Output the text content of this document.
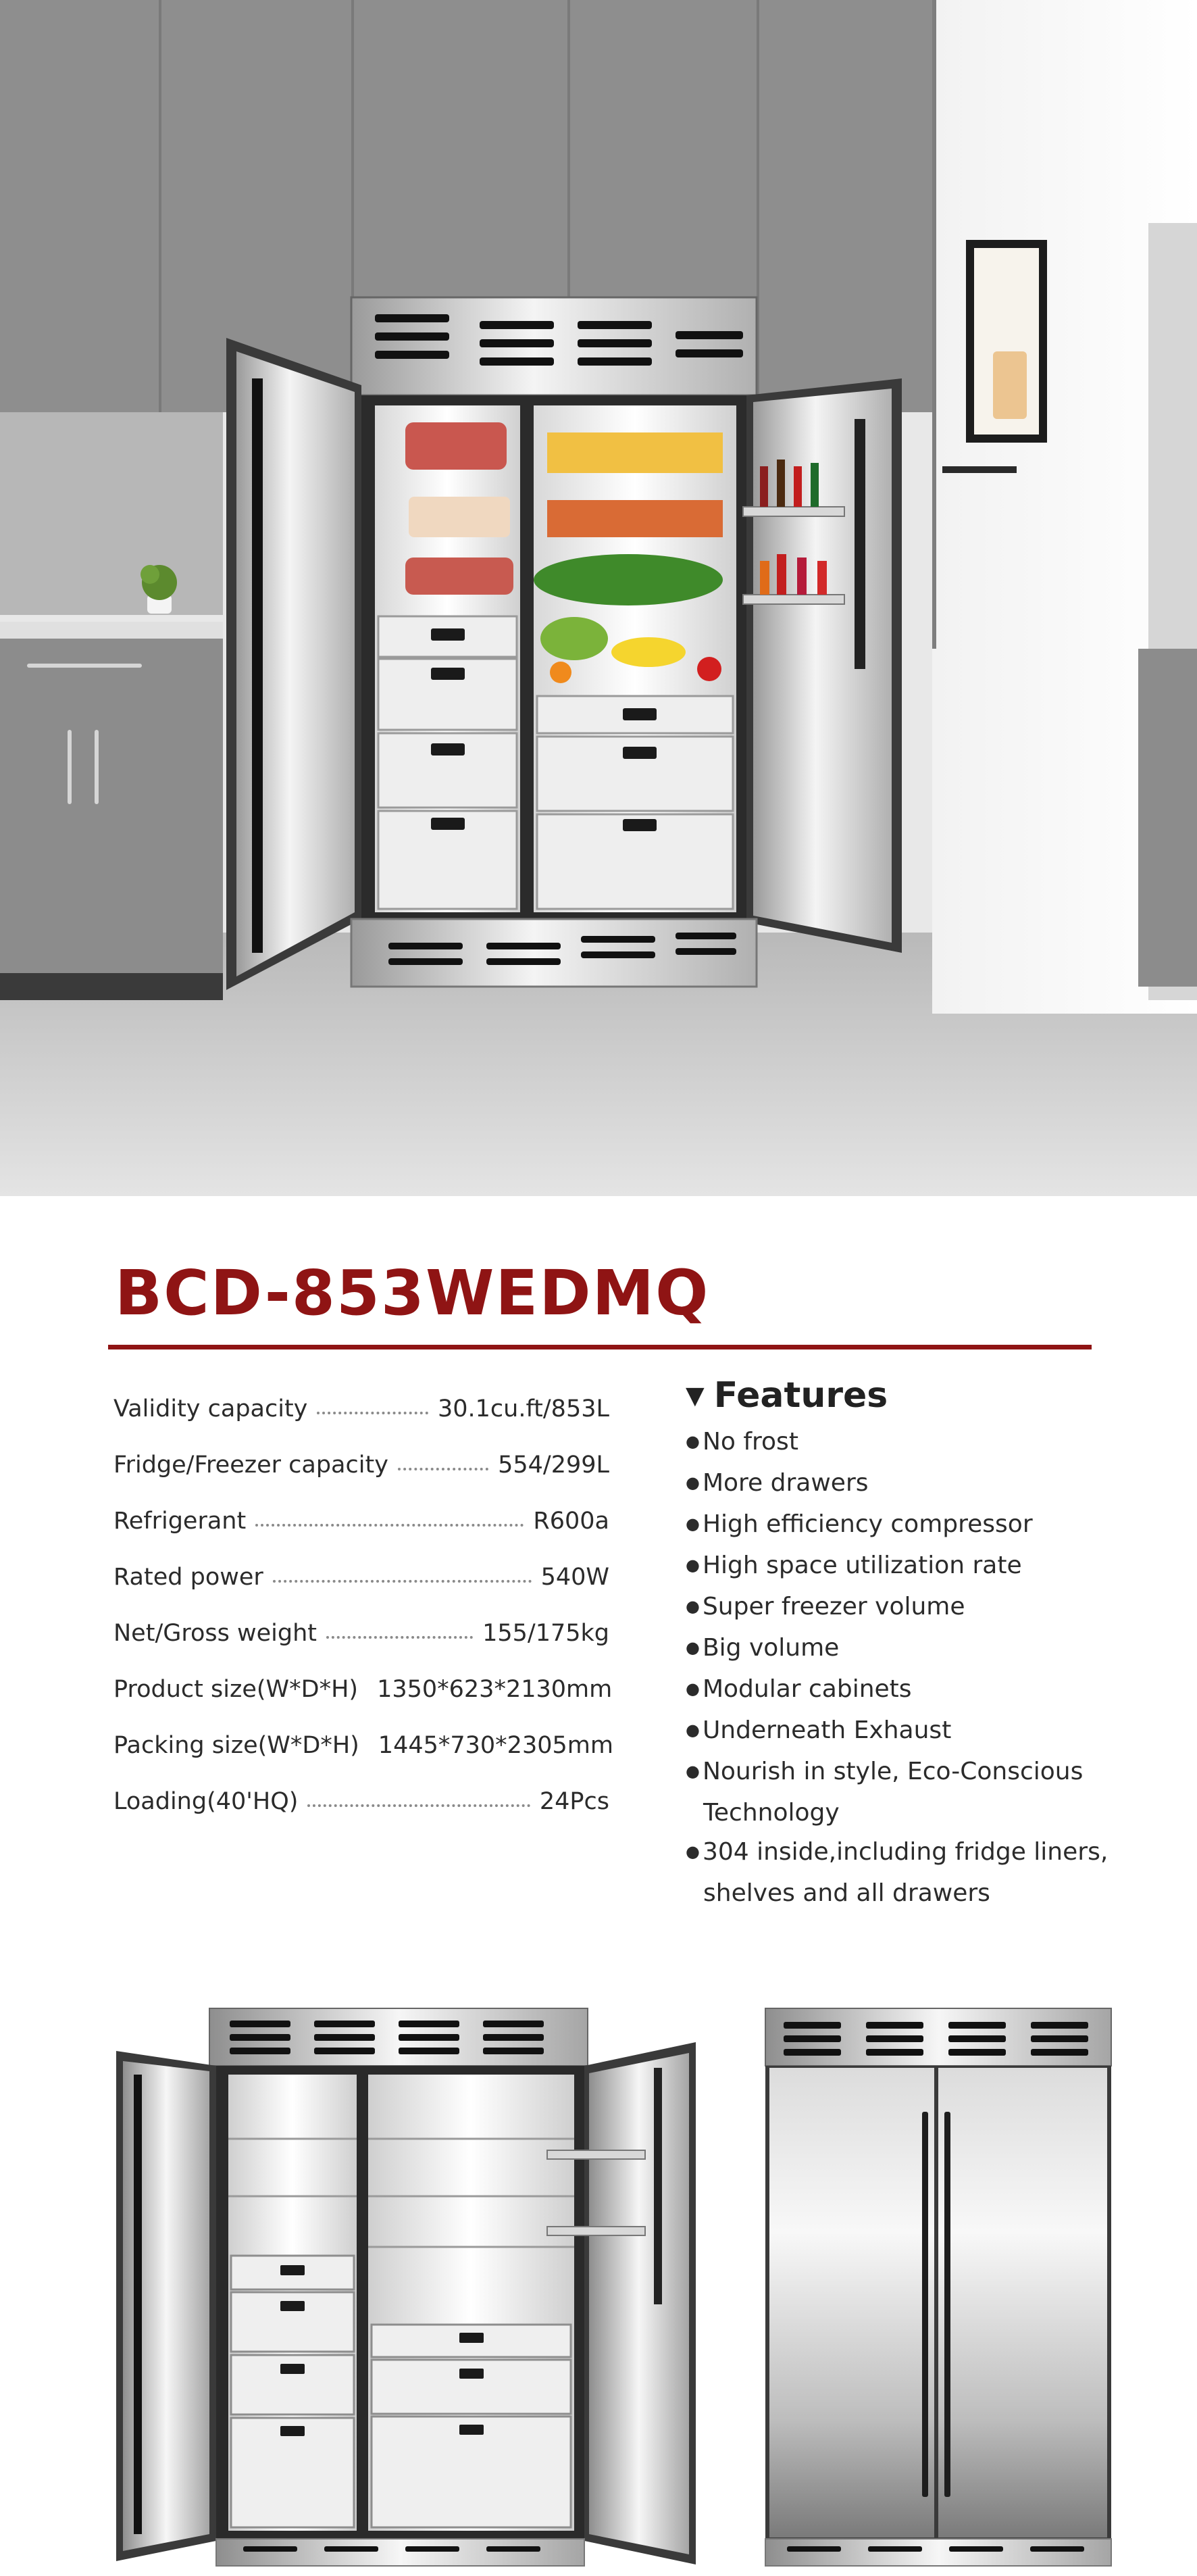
BCD-853WEDMQ
Validity capacity	30.1cu.ft/853L
Fridge/Freezer capacity	554/299L
Refrigerant	R600a
Rated power	540W
Net/Gross weight	155/175kg
Product size(W*D*H) 1350*623*2130mm
Packing size(W*D*H) 1445*730*2305mm
Loading(40'HQ)	24Pcs
▼ Features
● No frost
● More drawers
● High efficiency compressor
● High space utilization rate
● Super freezer volume
● Big volume
● Modular cabinets
● Underneath Exhaust
● Nourish in style, Eco-Conscious Technology
● 304 inside,including fridge liners, shelves and all drawers
